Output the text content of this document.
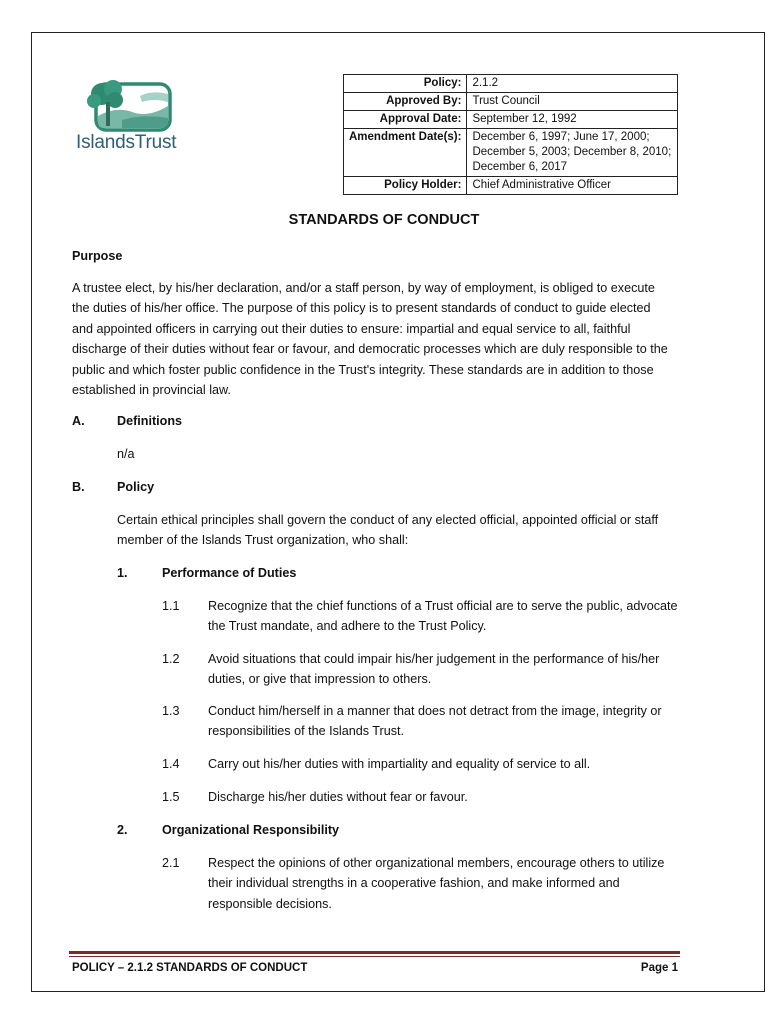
IslandsTrust
Policy:	2.1.2
Approved By:	Trust Council
Approval Date:	September 12, 1992
Amendment Date(s):	December 6, 1997; June 17, 2000; December 5, 2003; December 8, 2010; December 6, 2017
Policy Holder:	Chief Administrative Officer
STANDARDS OF CONDUCT
Purpose
A trustee elect, by his/her declaration, and/or a staff person, by way of employment, is obliged to execute the duties of his/her office. The purpose of this policy is to present standards of conduct to guide elected and appointed officers in carrying out their duties to ensure: impartial and equal service to all, faithful discharge of their duties without fear or favour, and democratic processes which are duly responsible to the public and which foster public confidence in the Trust's integrity. These standards are in addition to those established in provincial law.
A.	Definitions
n/a
B.	Policy
Certain ethical principles shall govern the conduct of any elected official, appointed official or staff member of the Islands Trust organization, who shall:
1.	Performance of Duties
1.1 Recognize that the chief functions of a Trust official are to serve the public, advocate the Trust mandate, and adhere to the Trust Policy.
1.2 Avoid situations that could impair his/her judgement in the performance of his/her duties, or give that impression to others.
1.3 Conduct him/herself in a manner that does not detract from the image, integrity or responsibilities of the Islands Trust.
1.4 Carry out his/her duties with impartiality and equality of service to all.
1.5 Discharge his/her duties without fear or favour.
2.	Organizational Responsibility
2.1 Respect the opinions of other organizational members, encourage others to utilize their individual strengths in a cooperative fashion, and make informed and responsible decisions.
POLICY – 2.1.2 STANDARDS OF CONDUCT	Page 1
